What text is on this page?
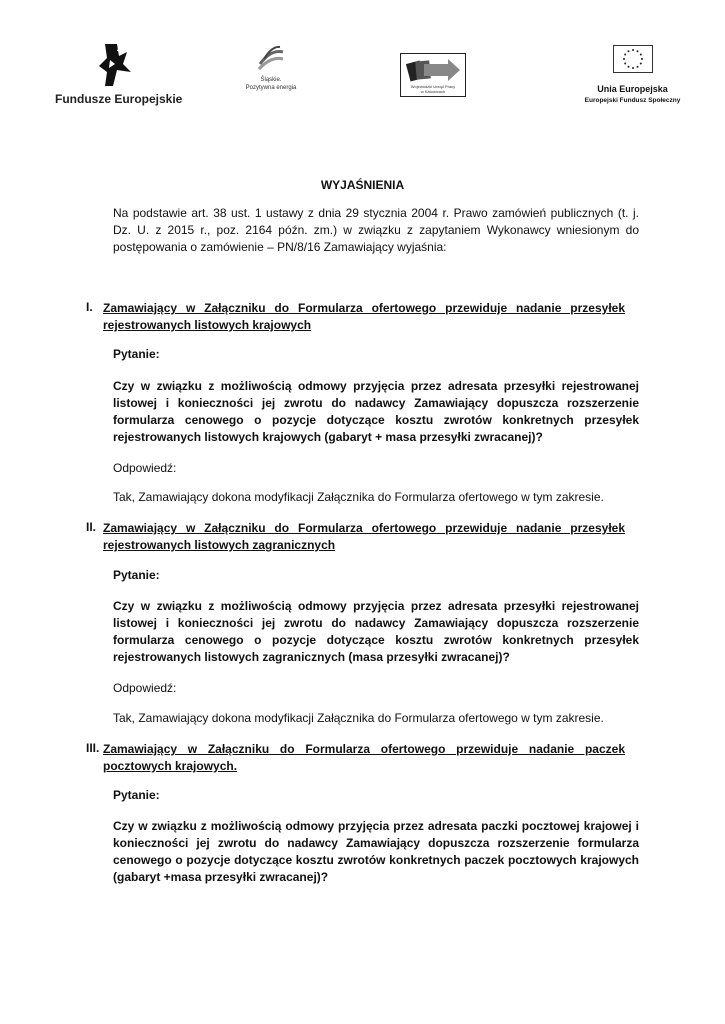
Fundusze Europejskie
Śląskie.
Pozytywna energia	Wojewódzki Urząd Pracy
w Katowicach	Unia Europejska
Europejski Fundusz Społeczny
WYJAŚNIENIA
Na podstawie art. 38 ust. 1 ustawy z dnia 29 stycznia 2004 r. Prawo zamówień publicznych (t. j. Dz. U. z 2015 r., poz. 2164 późn. zm.) w związku z zapytaniem Wykonawcy wniesionym do postępowania o zamówienie – PN/8/16 Zamawiający wyjaśnia:
I. Zamawiający w Załączniku do Formularza ofertowego przewiduje nadanie przesyłek rejestrowanych listowych krajowych
Pytanie:
Czy w związku z możliwością odmowy przyjęcia przez adresata przesyłki rejestrowanej listowej i konieczności jej zwrotu do nadawcy Zamawiający dopuszcza rozszerzenie formularza cenowego o pozycje dotyczące kosztu zwrotów konkretnych przesyłek rejestrowanych listowych krajowych (gabaryt + masa przesyłki zwracanej)?
Odpowiedź:
Tak, Zamawiający dokona modyfikacji Załącznika do Formularza ofertowego w tym zakresie.
II. Zamawiający w Załączniku do Formularza ofertowego przewiduje nadanie przesyłek rejestrowanych listowych zagranicznych
Pytanie:
Czy w związku z możliwością odmowy przyjęcia przez adresata przesyłki rejestrowanej listowej i konieczności jej zwrotu do nadawcy Zamawiający dopuszcza rozszerzenie formularza cenowego o pozycje dotyczące kosztu zwrotów konkretnych przesyłek rejestrowanych listowych zagranicznych (masa przesyłki zwracanej)?
Odpowiedź:
Tak, Zamawiający dokona modyfikacji Załącznika do Formularza ofertowego w tym zakresie.
III. Zamawiający w Załączniku do Formularza ofertowego przewiduje nadanie paczek pocztowych krajowych.
Pytanie:
Czy w związku z możliwością odmowy przyjęcia przez adresata paczki pocztowej krajowej i konieczności jej zwrotu do nadawcy Zamawiający dopuszcza rozszerzenie formularza cenowego o pozycje dotyczące kosztu zwrotów konkretnych paczek pocztowych krajowych (gabaryt +masa przesyłki zwracanej)?
